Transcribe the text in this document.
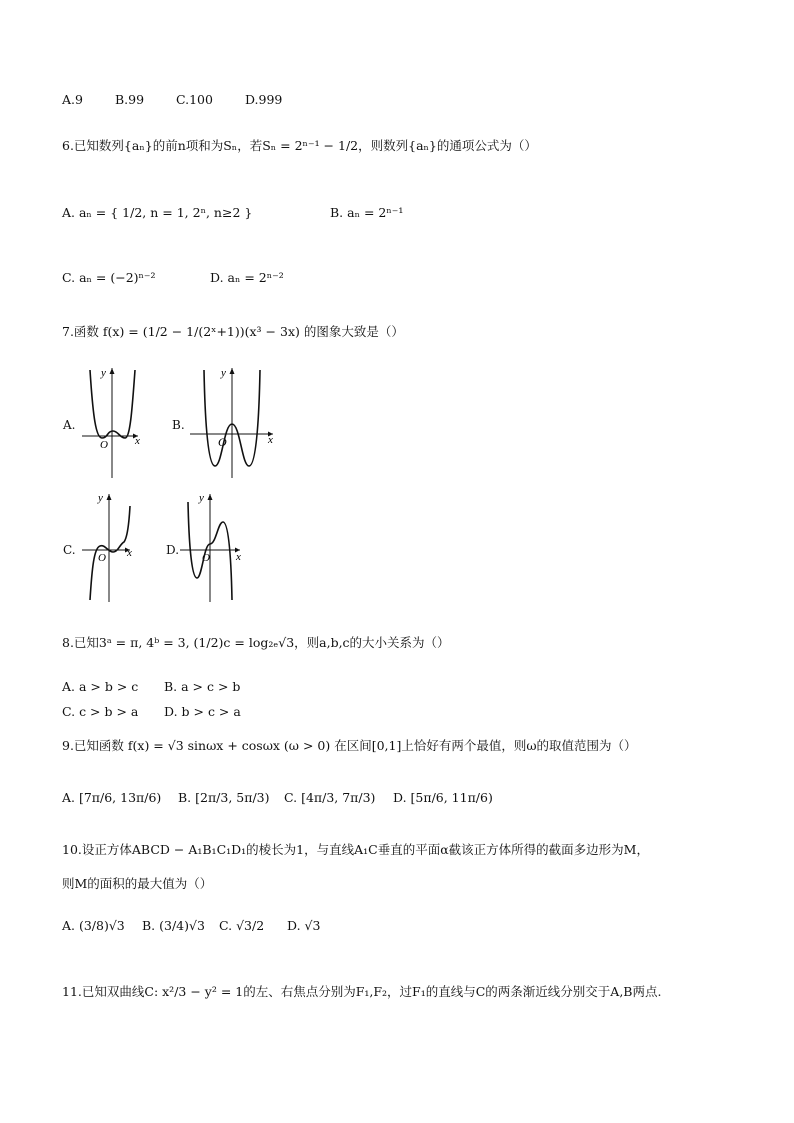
A.9	B.99	C.100	D.999
6.已知数列{aₙ}的前n项和为Sₙ，若Sₙ = 2ⁿ⁻¹ − 1/2，则数列{aₙ}的通项公式为（）
A. aₙ = { 1/2, n = 1, 2ⁿ, n≥2 }	B. aₙ = 2ⁿ⁻¹
C. aₙ = (−2)ⁿ⁻²	D. aₙ = 2ⁿ⁻²
7.函数 f(x) = (1/2 − 1/(2ˣ+1))(x³ − 3x) 的图象大致是（）
A.
y
x
O
B.
y
x
O
C.
y
x
O
D.
y
x
O
8.已知3ᵃ = π, 4ᵇ = 3, (1/2)c = log₂ₑ√3，则a,b,c的大小关系为（）
A. a > b > c B. a > c > b
C. c > b > a D. b > c > a
9.已知函数 f(x) = √3 sinωx + cosωx (ω > 0) 在区间[0,1]上恰好有两个最值，则ω的取值范围为（）
A. [7π/6, 13π/6) B. [2π/3, 5π/3) C. [4π/3, 7π/3) D. [5π/6, 11π/6)
10.设正方体ABCD − A₁B₁C₁D₁的棱长为1，与直线A₁C垂直的平面α截该正方体所得的截面多边形为M，
则M的面积的最大值为（）
A. (3/8)√3 B. (3/4)√3 C. √3/2 D. √3
11.已知双曲线C: x²/3 − y² = 1的左、右焦点分别为F₁,F₂，过F₁的直线与C的两条渐近线分别交于A,B两点.
